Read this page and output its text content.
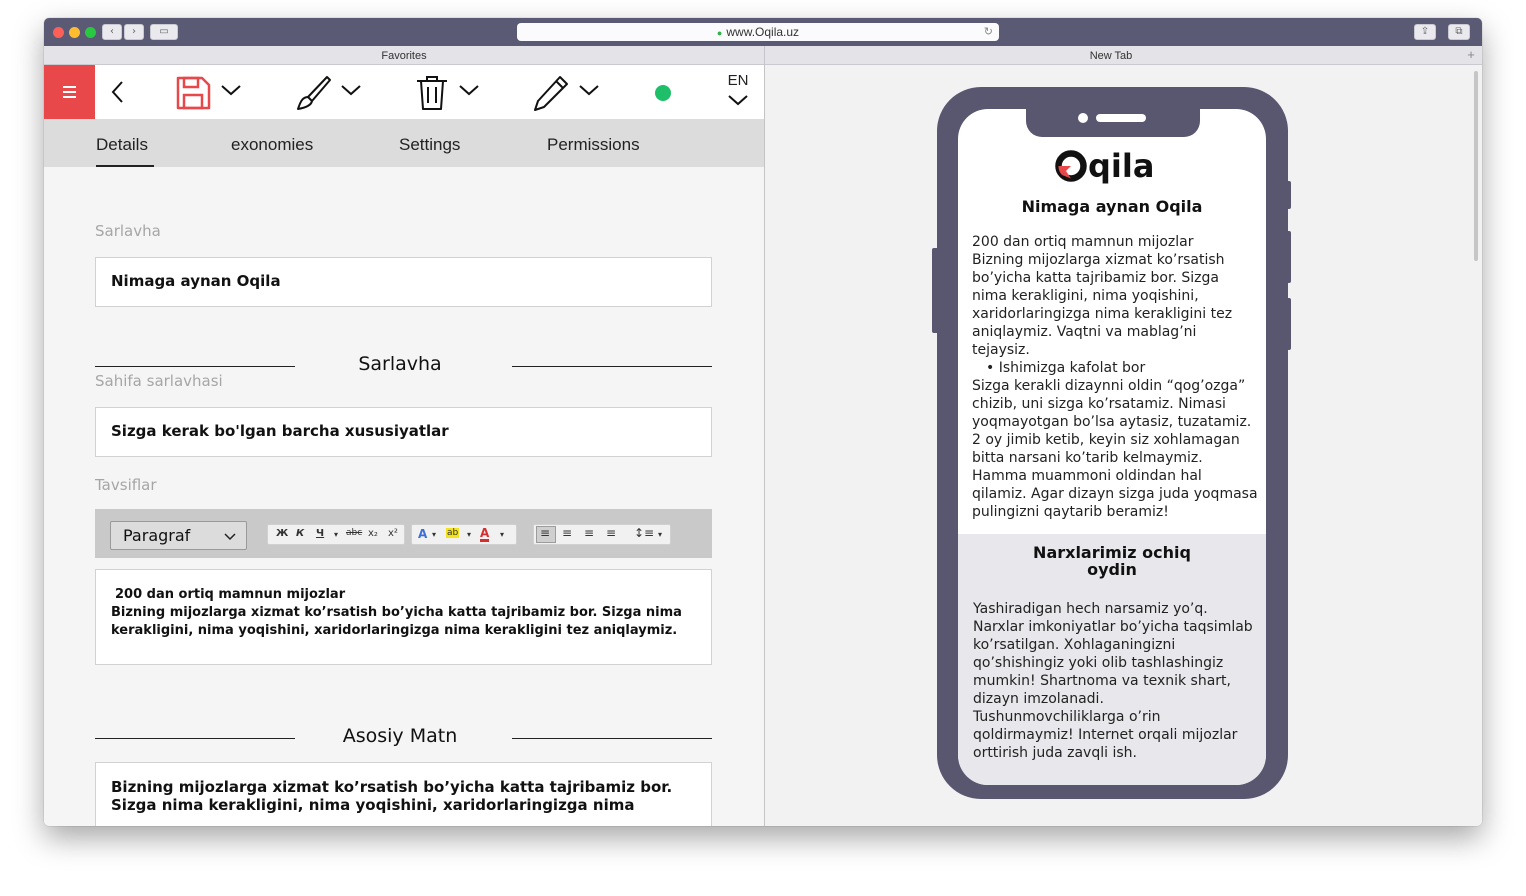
‹	›	▭	● www.Oqila.uz	↻	⇪	⧉
Favorites	New Tab	+
EN
Details	exonomies	Settings	Permissions
Sarlavha
Nimaga aynan Oqila
Sarlavha
Sahifa sarlavhasi
Sizga kerak bo'lgan barcha xususiyatlar
Tavsiflar
Paragraf	Ж К Ч ▾ abc x₂ x² A ▾ ab ▾ A ▾	≡ ≡ ≡ ≡ ↕≡ ▾
200 dan ortiq mamnun mijozlar
Bizning mijozlarga xizmat ko’rsatish bo’yicha katta tajribamiz bor. Sizga nima kerakligini, nima yoqishini, xaridorlaringizga nima kerakligini tez aniqlaymiz.
Asosiy Matn
Bizning mijozlarga xizmat ko’rsatish bo’yicha katta tajribamiz bor. Sizga nima kerakligini, nima yoqishini, xaridorlaringizga nima
qila
Nimaga aynan Oqila

200 dan ortiq mamnun mijozlar

Bizning mijozlarga xizmat ko’rsatish bo’yicha katta tajribamiz bor. Sizga nima kerakligini, nima yoqishini, xaridorlaringizga nima kerakligini tez aniqlaymiz. Vaqtni va mablag’ni tejaysiz.

• Ishimizga kafolat bor

Sizga kerakli dizaynni oldin “qog’ozga” chizib, uni sizga ko’rsatamiz. Nimasi yoqmayotgan bo’lsa aytasiz, tuzatamiz. 2 oy jimib ketib, keyin siz xohlamagan bitta narsani ko’tarib kelmaymiz. Hamma muammoni oldindan hal qilamiz. Agar dizayn sizga juda yoqmasa pulingizni qaytarib beramiz!

Narxlarimiz ochiq oydin
Yashiradigan hech narsamiz yo’q. Narxlar imkoniyatlar bo’yicha taqsimlab ko’rsatilgan. Xohlaganingizni qo’shishingiz yoki olib tashlashingiz mumkin! Shartnoma va texnik shart, dizayn imzolanadi. Tushunmovchiliklarga o’rin qoldirmaymiz! Internet orqali mijozlar orttirish juda zavqli ish.
